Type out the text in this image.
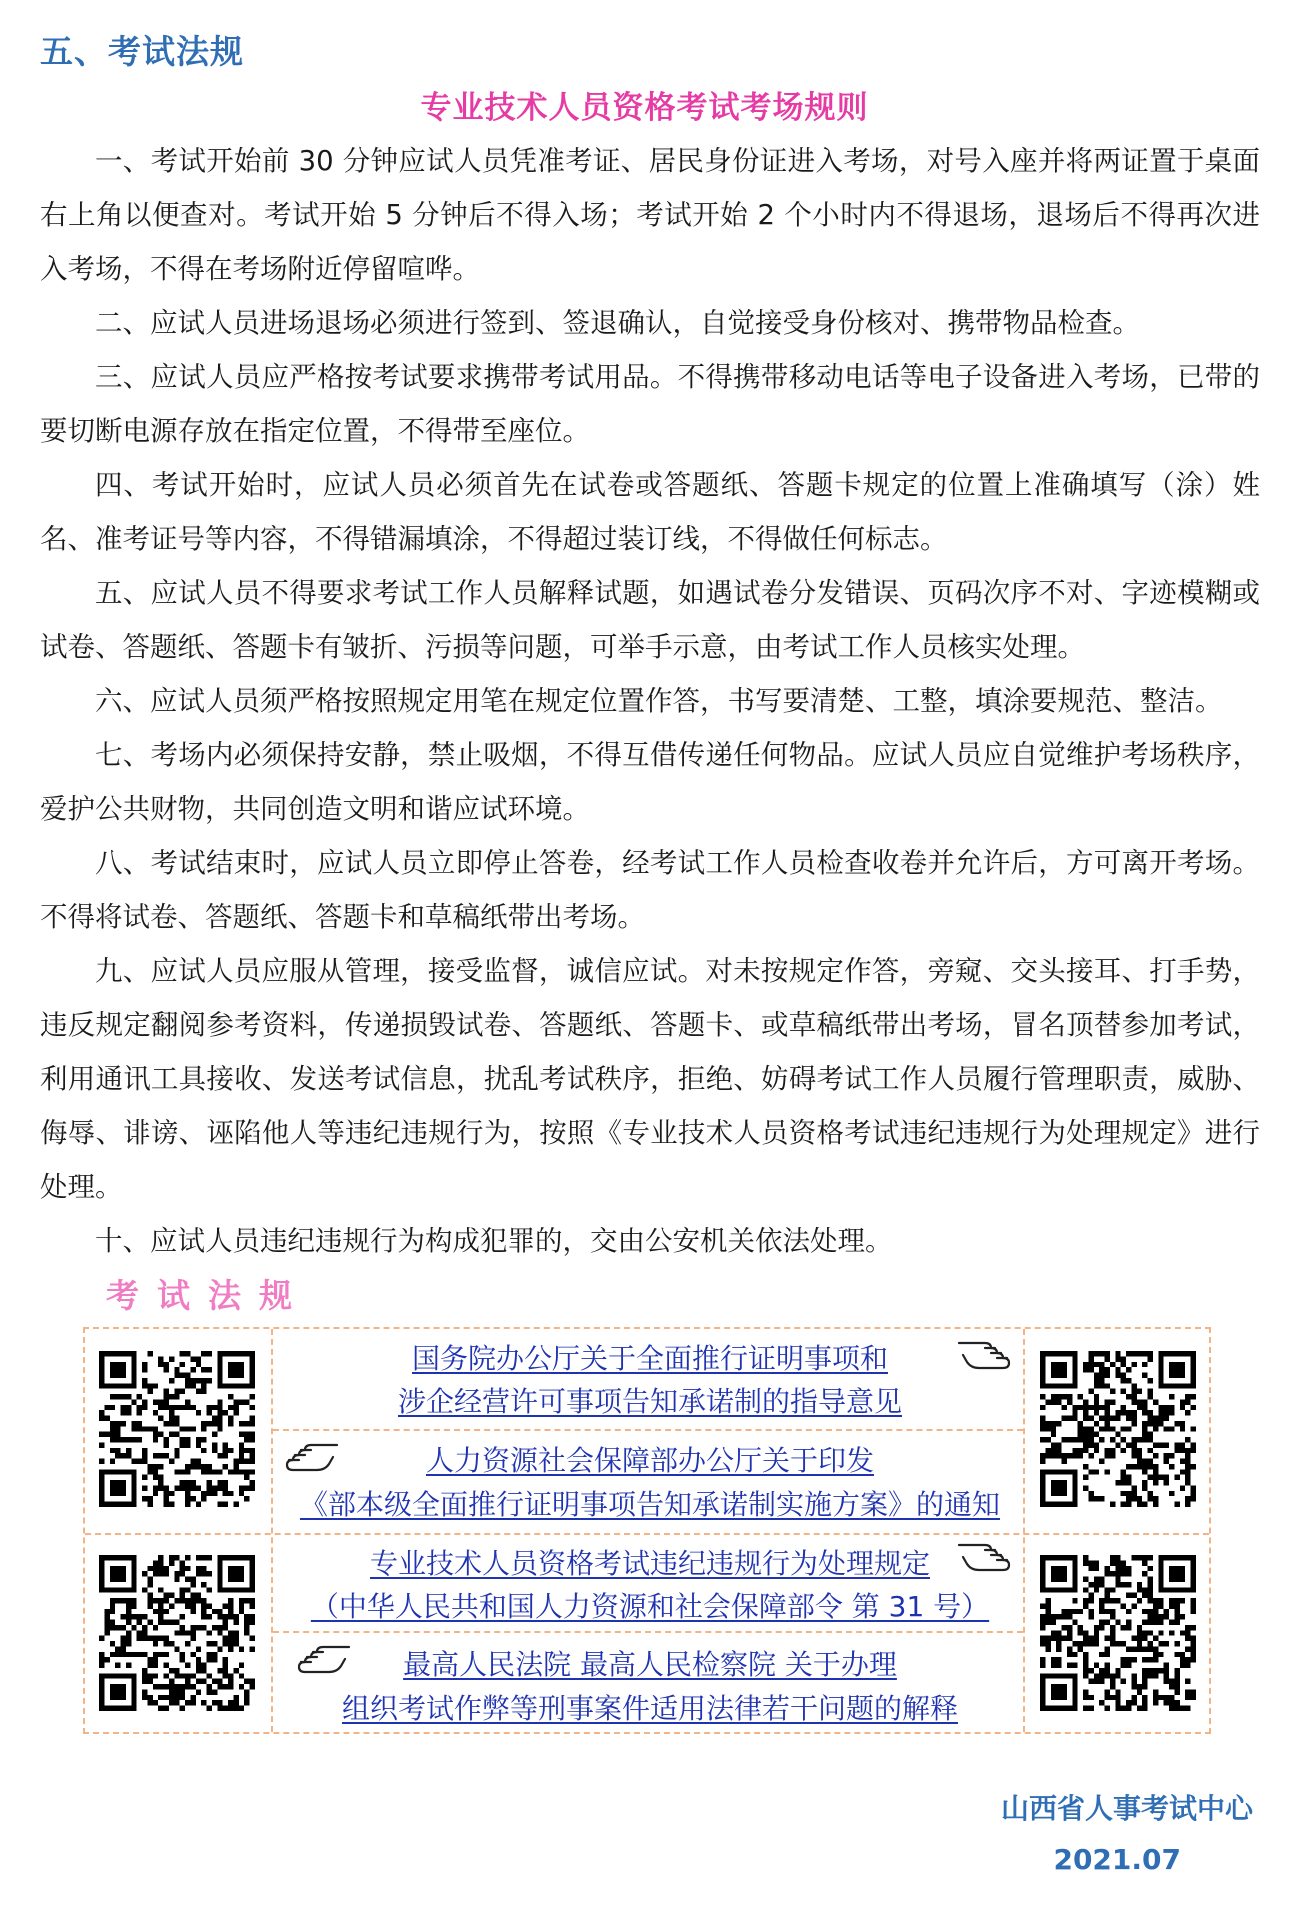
五、考试法规
专业技术人员资格考试考场规则

一、考试开始前 30 分钟应试人员凭准考证、居民身份证进入考场，对号入座并将两证置于桌面右上角以便查对。考试开始 5 分钟后不得入场；考试开始 2 个小时内不得退场，退场后不得再次进入考场，不得在考场附近停留喧哗。

二、应试人员进场退场必须进行签到、签退确认，自觉接受身份核对、携带物品检查。

三、应试人员应严格按考试要求携带考试用品。不得携带移动电话等电子设备进入考场，已带的要切断电源存放在指定位置，不得带至座位。

四、考试开始时，应试人员必须首先在试卷或答题纸、答题卡规定的位置上准确填写（涂）姓名、准考证号等内容，不得错漏填涂，不得超过装订线，不得做任何标志。

五、应试人员不得要求考试工作人员解释试题，如遇试卷分发错误、页码次序不对、字迹模糊或试卷、答题纸、答题卡有皱折、污损等问题，可举手示意，由考试工作人员核实处理。

六、应试人员须严格按照规定用笔在规定位置作答，书写要清楚、工整，填涂要规范、整洁。

七、考场内必须保持安静，禁止吸烟，不得互借传递任何物品。应试人员应自觉维护考场秩序，爱护公共财物，共同创造文明和谐应试环境。

八、考试结束时，应试人员立即停止答卷，经考试工作人员检查收卷并允许后，方可离开考场。不得将试卷、答题纸、答题卡和草稿纸带出考场。

九、应试人员应服从管理，接受监督，诚信应试。对未按规定作答，旁窥、交头接耳、打手势，违反规定翻阅参考资料，传递损毁试卷、答题纸、答题卡、或草稿纸带出考场，冒名顶替参加考试，利用通讯工具接收、发送考试信息，扰乱考试秩序，拒绝、妨碍考试工作人员履行管理职责，威胁、侮辱、诽谤、诬陷他人等违纪违规行为，按照《专业技术人员资格考试违纪违规行为处理规定》进行处理。

十、应试人员违纪违规行为构成犯罪的，交由公安机关依法处理。

考试法规
国务院办公厅关于全面推行证明事项和
涉企经营许可事项告知承诺制的指导意见
人力资源社会保障部办公厅关于印发
《部本级全面推行证明事项告知承诺制实施方案》的通知
专业技术人员资格考试违纪违规行为处理规定
（中华人民共和国人力资源和社会保障部令 第 31 号）
最高人民法院 最高人民检察院 关于办理
组织考试作弊等刑事案件适用法律若干问题的解释
山西省人事考试中心
2021.07
